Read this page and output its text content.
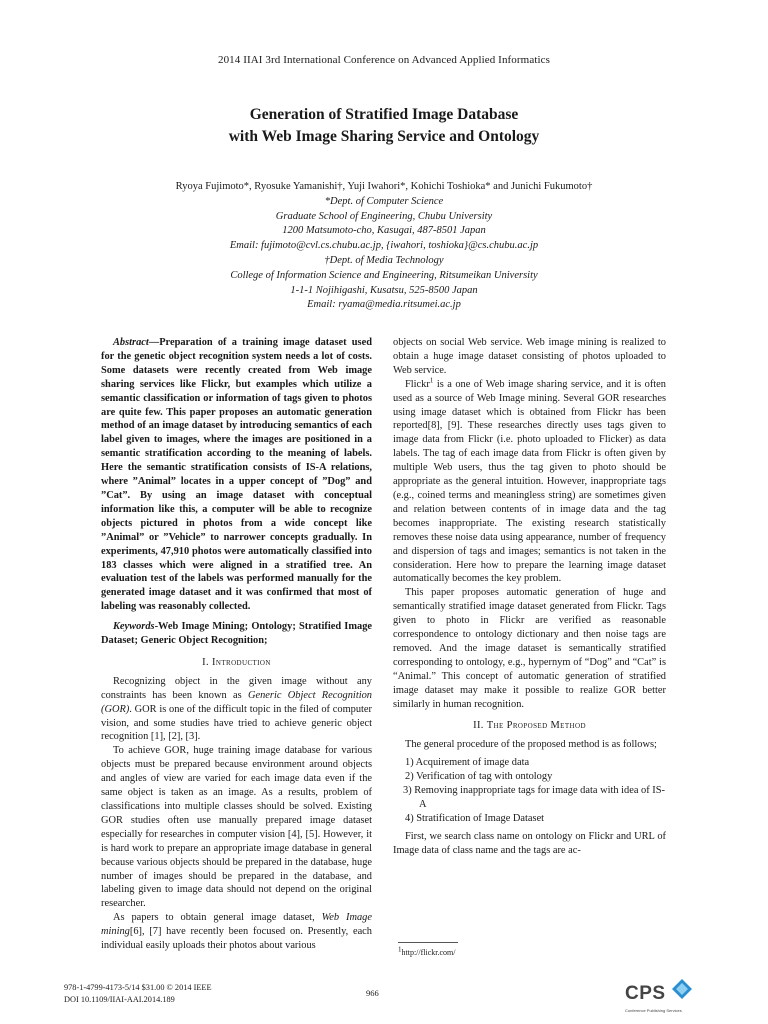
2014 IIAI 3rd International Conference on Advanced Applied Informatics
Generation of Stratified Image Database
with Web Image Sharing Service and Ontology
Ryoya Fujimoto*, Ryosuke Yamanishi†, Yuji Iwahori*, Kohichi Toshioka* and Junichi Fukumoto†
*Dept. of Computer Science
Graduate School of Engineering, Chubu University
1200 Matsumoto-cho, Kasugai, 487-8501 Japan
Email: fujimoto@cvl.cs.chubu.ac.jp, {iwahori, toshioka}@cs.chubu.ac.jp
†Dept. of Media Technology
College of Information Science and Engineering, Ritsumeikan University
1-1-1 Nojihigashi, Kusatsu, 525-8500 Japan
Email: ryama@media.ritsumei.ac.jp

Abstract—Preparation of a training image dataset used for the genetic object recognition system needs a lot of costs. Some datasets were recently created from Web image sharing services like Flickr, but examples which utilize a semantic classification or information of tags given to photos are quite few. This paper proposes an automatic generation method of an image dataset by introducing semantics of each label given to images, where the images are positioned in a semantic stratification according to the meaning of labels. Here the semantic stratification consists of IS-A relations, where ”Animal” locates in a upper concept of ”Dog” and ”Cat”. By using an image dataset with conceptual information like this, a computer will be able to recognize objects pictured in photos from a wide concept like ”Animal” or ”Vehicle” to narrower concepts gradually. In experiments, 47,910 photos were automatically classified into 183 classes which were aligned in a stratified tree. An evaluation test of the labels was performed manually for the generated image dataset and it was confirmed that most of labeling was reasonably collected.

Keywords-Web Image Mining; Ontology; Stratified Image Dataset; Generic Object Recognition;

I. Introduction

Recognizing object in the given image without any constraints has been known as Generic Object Recognition (GOR). GOR is one of the difficult topic in the filed of computer vision, and some studies have tried to achieve generic object recognition [1], [2], [3].

To achieve GOR, huge training image database for various objects must be prepared because environment around objects and angles of view are varied for each image data even if the same object is taken as an image. As a results, problem of classifications into multiple classes should be solved. Existing GOR studies often use manually prepared image dataset especially for researches in computer vision [4], [5]. However, it is hard work to prepare an appropriate image database in general because various objects should be prepared in the database, huge number of images should be prepared in the database, and labeling given to image data should not depend on the original researcher.

As papers to obtain general image dataset, Web Image mining[6], [7] have recently been focused on. Presently, each individual easily uploads their photos about various

objects on social Web service. Web image mining is realized to obtain a huge image dataset consisting of photos uploaded to Web service.

Flickr$^1$ is a one of Web image sharing service, and it is often used as a source of Web Image mining. Several GOR researches using image dataset which is obtained from Flickr has been reported[8], [9]. These researches directly uses tags given to image data from Flickr (i.e. photo uploaded to Flicker) as data labels. The tag of each image data from Flickr is often given by multiple Web users, thus the tag given to photo should be appropriate as the general intuition. However, inappropriate tags (e.g., coined terms and meaningless string) are sometimes given and relation between contents of in image data and the tag becomes inappropriate. The existing research statistically removes these noise data using appearance, number of frequency and dispersion of tags and images; semantics is not taken in the consideration. Here how to prepare the learning image dataset automatically becomes the key problem.

This paper proposes automatic generation of huge and semantically stratified image dataset generated from Flickr. Tags given to photo in Flickr are verified as reasonable correspondence to ontology dictionary and then noise tags are removed. And the image dataset is semantically stratified corresponding to ontology, e.g., hypernym of “Dog” and “Cat” is “Animal.” This concept of automatic generation of stratified image dataset may make it possible to realize GOR better similarly in human recognition.

II. The Proposed Method

The general procedure of the proposed method is as follows;

1) Acquirement of image data
2) Verification of tag with ontology
3) Removing inappropriate tags for image data with idea of IS-A
4) Stratification of Image Dataset

First, we search class name on ontology on Flickr and URL of Image data of class name and the tags are ac-

$^1$http://flickr.com/
978-1-4799-4173-5/14 $31.00 © 2014 IEEE
DOI 10.1109/IIAI-AAI.2014.189
966	CPS
Conference Publishing Services
